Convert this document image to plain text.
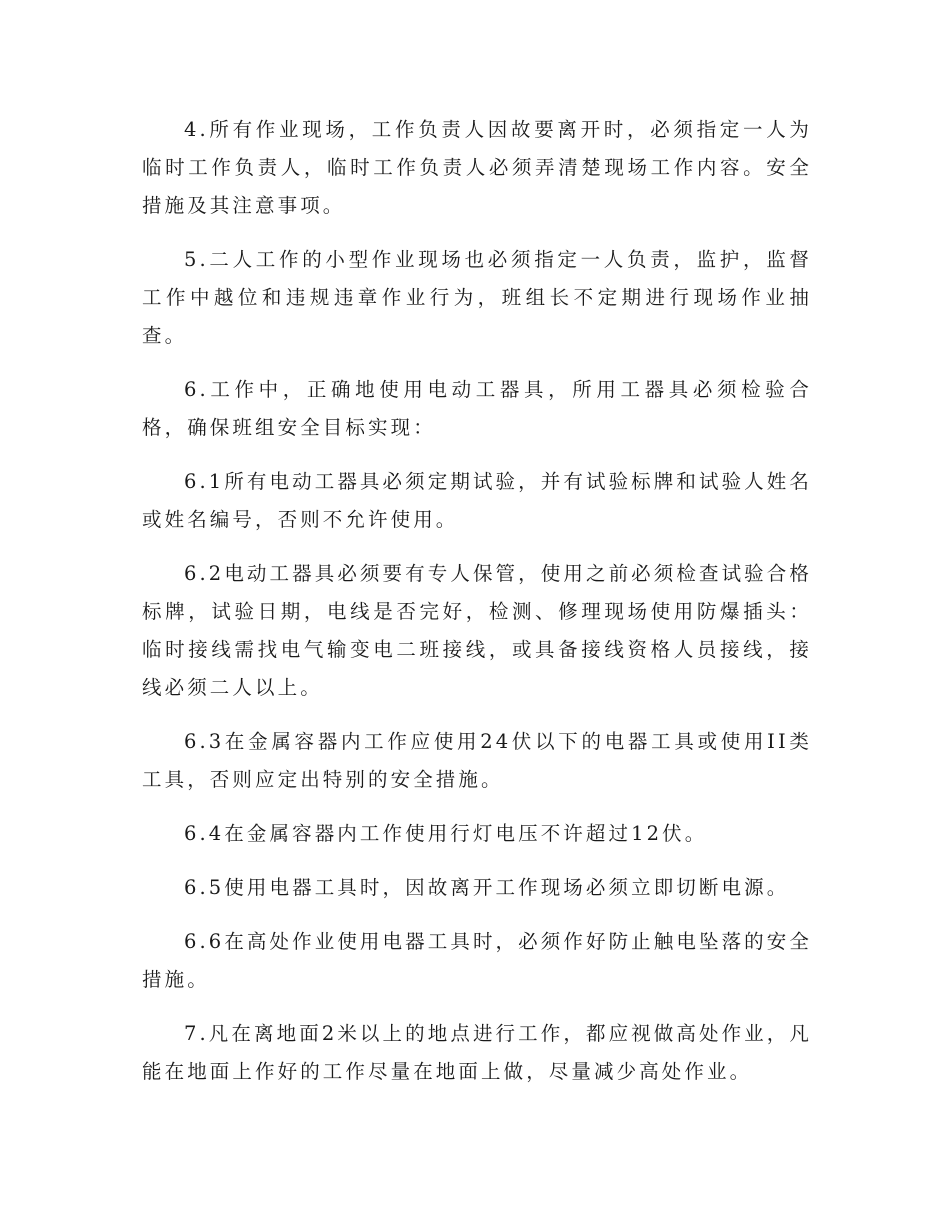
4.所有作业现场，工作负责人因故要离开时，必须指定一人为临时工作负责人，临时工作负责人必须弄清楚现场工作内容。安全措施及其注意事项。

5.二人工作的小型作业现场也必须指定一人负责，监护，监督工作中越位和违规违章作业行为，班组长不定期进行现场作业抽查。

6.工作中，正确地使用电动工器具，所用工器具必须检验合格，确保班组安全目标实现：

6.1所有电动工器具必须定期试验，并有试验标牌和试验人姓名或姓名编号，否则不允许使用。

6.2电动工器具必须要有专人保管，使用之前必须检查试验合格标牌，试验日期，电线是否完好，检测、修理现场使用防爆插头：临时接线需找电气输变电二班接线，或具备接线资格人员接线，接线必须二人以上。

6.3在金属容器内工作应使用24伏以下的电器工具或使用II类工具，否则应定出特别的安全措施。

6.4在金属容器内工作使用行灯电压不许超过12伏。

6.5使用电器工具时，因故离开工作现场必须立即切断电源。

6.6在高处作业使用电器工具时，必须作好防止触电坠落的安全措施。

7.凡在离地面2米以上的地点进行工作，都应视做高处作业，凡能在地面上作好的工作尽量在地面上做，尽量减少高处作业。
